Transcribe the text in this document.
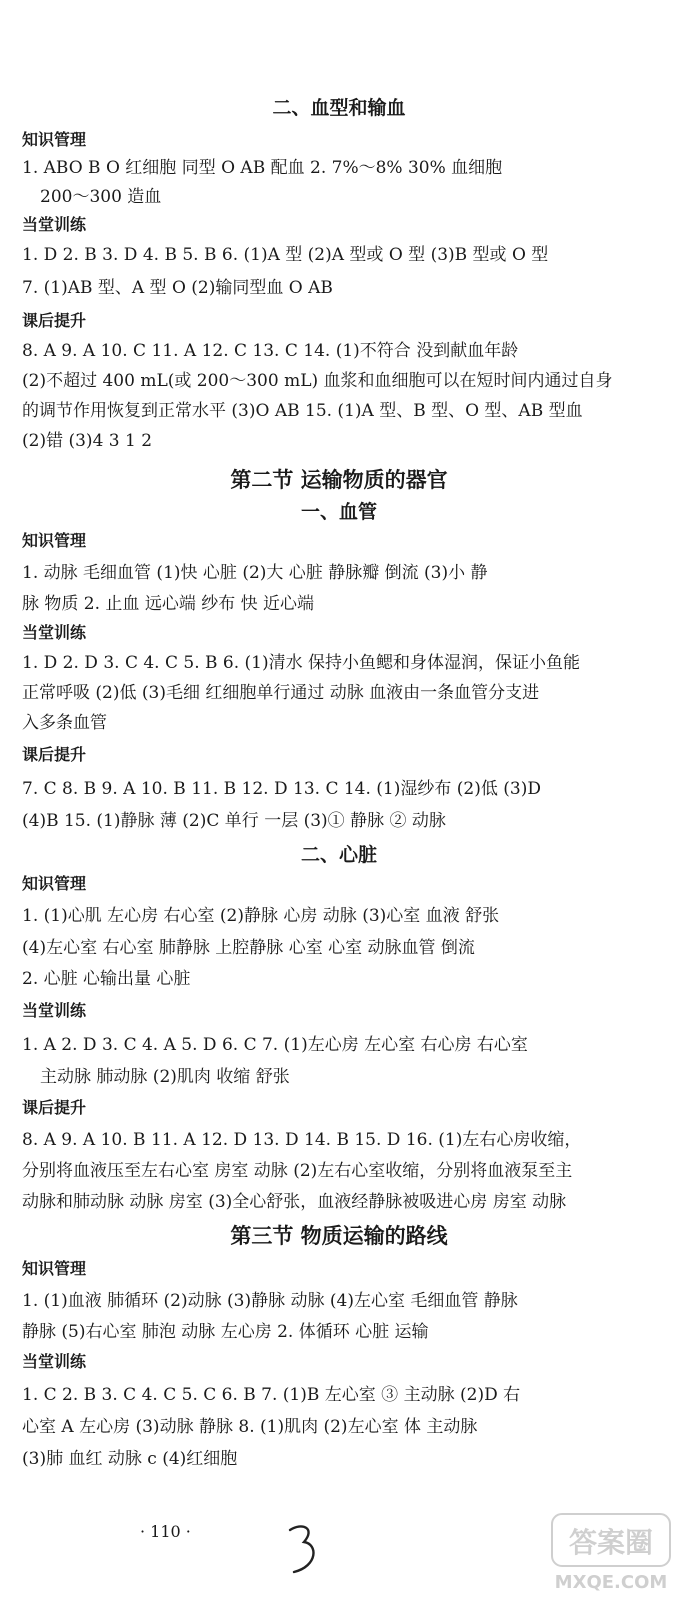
二、血型和输血
知识管理
1. ABO B O 红细胞 同型 O AB 配血 2. 7%～8% 30% 血细胞
200～300 造血
当堂训练
1. D 2. B 3. D 4. B 5. B 6. (1)A 型 (2)A 型或 O 型 (3)B 型或 O 型
7. (1)AB 型、A 型 O (2)输同型血 O AB
课后提升
8. A 9. A 10. C 11. A 12. C 13. C 14. (1)不符合 没到献血年龄
(2)不超过 400 mL(或 200～300 mL) 血浆和血细胞可以在短时间内通过自身
的调节作用恢复到正常水平 (3)O AB 15. (1)A 型、B 型、O 型、AB 型血
(2)错 (3)4 3 1 2
第二节 运输物质的器官
一、血管
知识管理
1. 动脉 毛细血管 (1)快 心脏 (2)大 心脏 静脉瓣 倒流 (3)小 静
脉 物质 2. 止血 远心端 纱布 快 近心端
当堂训练
1. D 2. D 3. C 4. C 5. B 6. (1)清水 保持小鱼鳃和身体湿润，保证小鱼能
正常呼吸 (2)低 (3)毛细 红细胞单行通过 动脉 血液由一条血管分支进
入多条血管
课后提升
7. C 8. B 9. A 10. B 11. B 12. D 13. C 14. (1)湿纱布 (2)低 (3)D
(4)B 15. (1)静脉 薄 (2)C 单行 一层 (3)① 静脉 ② 动脉
二、心脏
知识管理
1. (1)心肌 左心房 右心室 (2)静脉 心房 动脉 (3)心室 血液 舒张
(4)左心室 右心室 肺静脉 上腔静脉 心室 心室 动脉血管 倒流
2. 心脏 心输出量 心脏
当堂训练
1. A 2. D 3. C 4. A 5. D 6. C 7. (1)左心房 左心室 右心房 右心室
主动脉 肺动脉 (2)肌肉 收缩 舒张
课后提升
8. A 9. A 10. B 11. A 12. D 13. D 14. B 15. D 16. (1)左右心房收缩，
分别将血液压至左右心室 房室 动脉 (2)左右心室收缩，分别将血液泵至主
动脉和肺动脉 动脉 房室 (3)全心舒张，血液经静脉被吸进心房 房室 动脉
第三节 物质运输的路线
知识管理
1. (1)血液 肺循环 (2)动脉 (3)静脉 动脉 (4)左心室 毛细血管 静脉
静脉 (5)右心室 肺泡 动脉 左心房 2. 体循环 心脏 运输
当堂训练
1. C 2. B 3. C 4. C 5. C 6. B 7. (1)B 左心室 ③ 主动脉 (2)D 右
心室 A 左心房 (3)动脉 静脉 8. (1)肌肉 (2)左心室 体 主动脉
(3)肺 血红 动脉 c (4)红细胞
· 110 ·	答案圈
MXQE.COM
